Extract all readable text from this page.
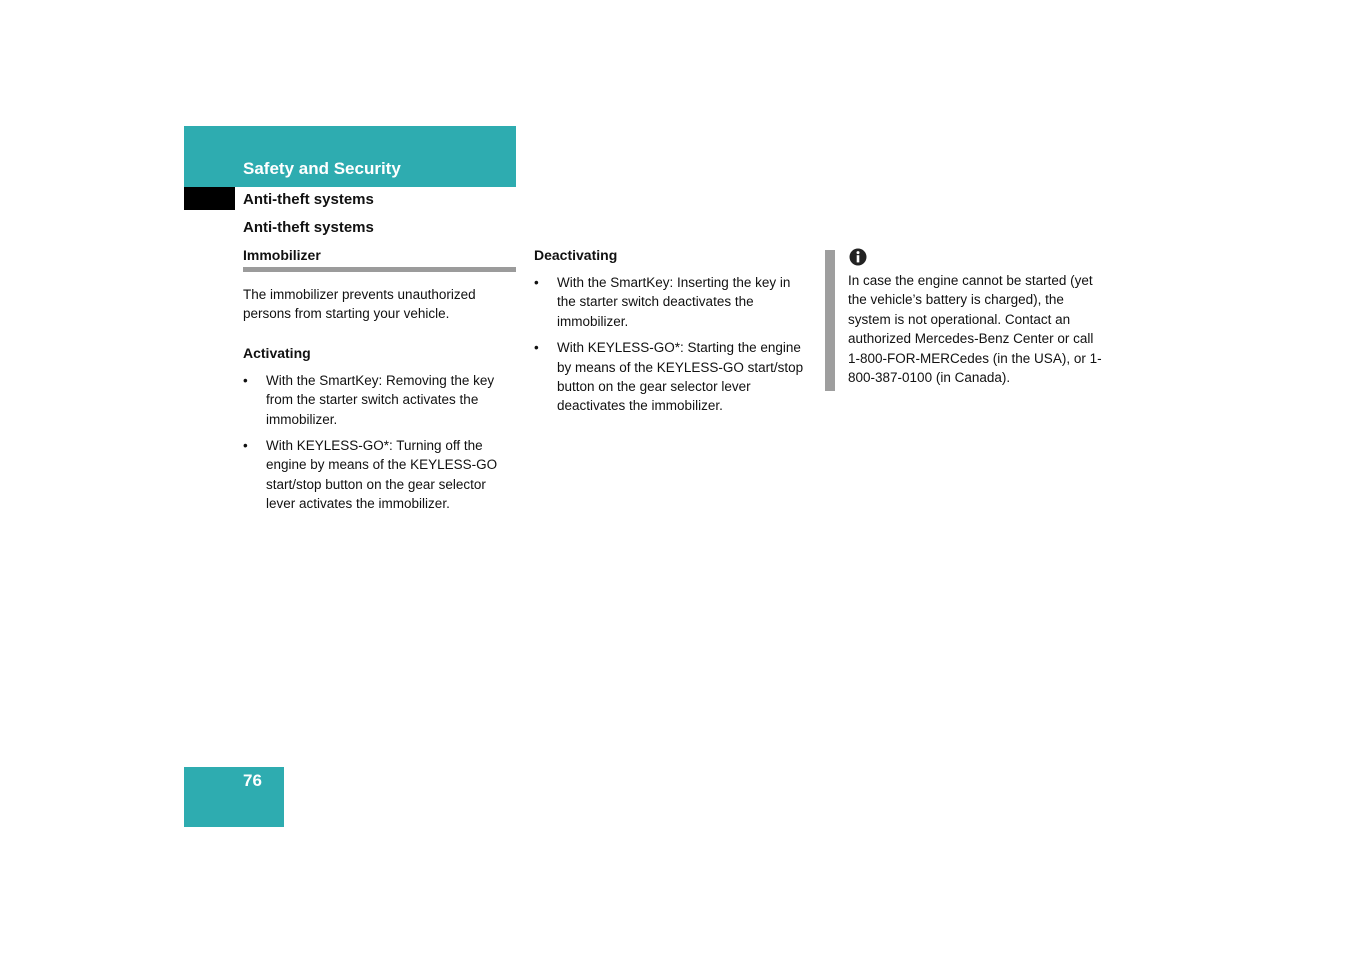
Safety and Security
Anti-theft systems
Anti-theft systems
Immobilizer

The immobilizer prevents unauthorized persons from starting your vehicle.

Activating
• With the SmartKey: Removing the key from the starter switch activates the immobilizer.
• With KEYLESS-GO*: Turning off the engine by means of the KEYLESS-GO start/stop button on the gear selector lever activates the immobilizer.
Deactivating
• With the SmartKey: Inserting the key in the starter switch deactivates the immobilizer.
• With KEYLESS-GO*: Starting the engine by means of the KEYLESS-GO start/stop button on the gear selector lever deactivates the immobilizer.
In case the engine cannot be started (yet the vehicle’s battery is charged), the system is not operational. Contact an authorized Mercedes-Benz Center or call 1-800-FOR-MERCedes (in the USA), or 1-800-387-0100 (in Canada).
76
